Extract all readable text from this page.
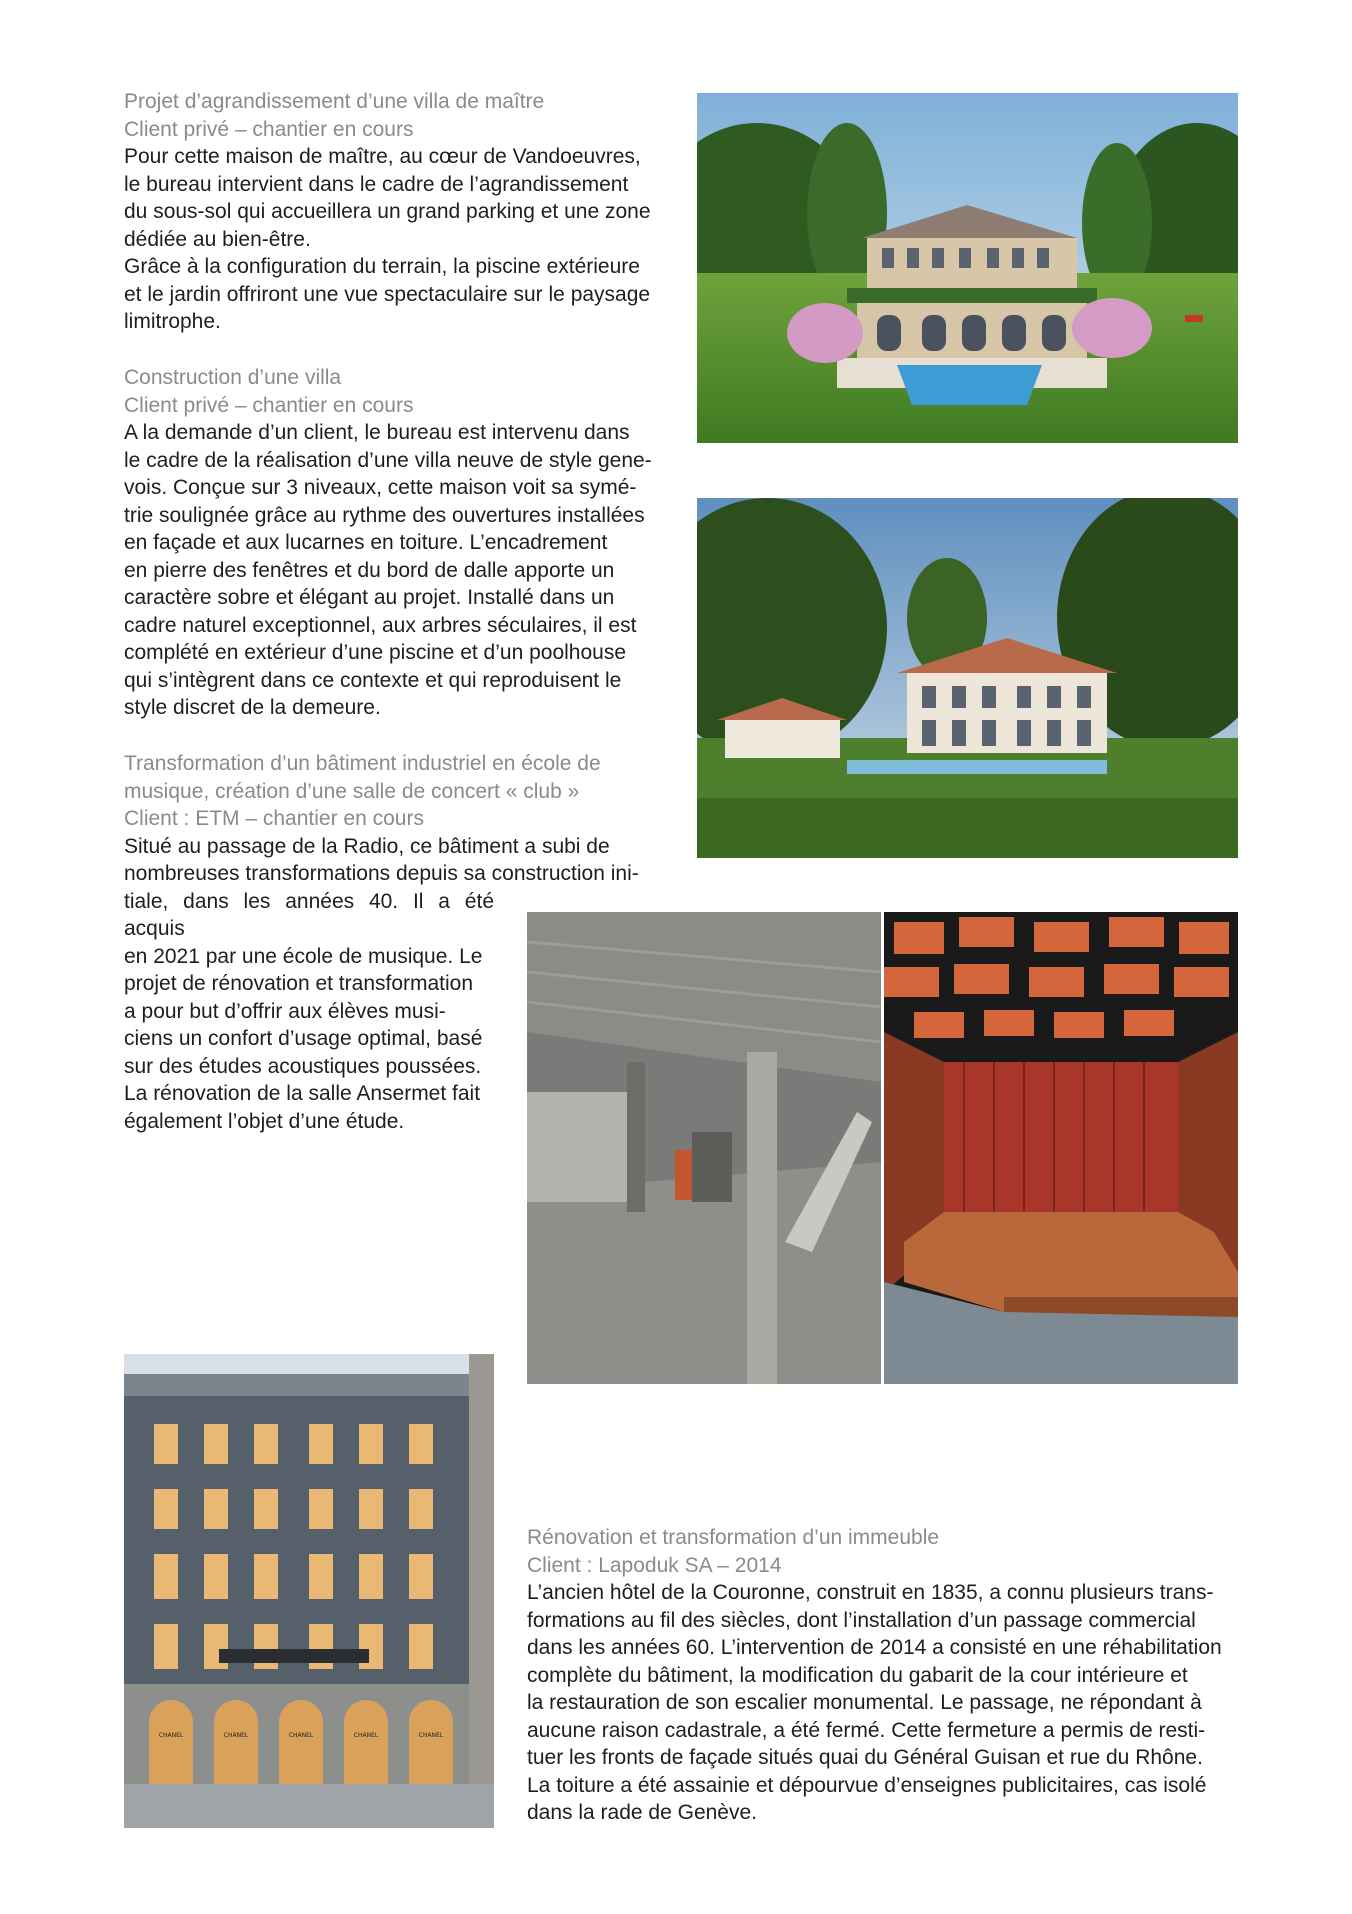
Projet d’agrandissement d’une villa de maître
Client privé – chantier en cours
Pour cette maison de maître, au cœur de Vandoeuvres,
le bureau intervient dans le cadre de l’agrandissement
du sous-sol qui accueillera un grand parking et une zone
dédiée au bien-être.
Grâce à la configuration du terrain, la piscine extérieure
et le jardin offriront une vue spectaculaire sur le paysage
limitrophe.
Construction d’une villa
Client privé – chantier en cours
A la demande d’un client, le bureau est intervenu dans
le cadre de la réalisation d’une villa neuve de style gene-
vois. Conçue sur 3 niveaux, cette maison voit sa symé-
trie soulignée grâce au rythme des ouvertures installées
en façade et aux lucarnes en toiture. L’encadrement
en pierre des fenêtres et du bord de dalle apporte un
caractère sobre et élégant au projet. Installé dans un
cadre naturel exceptionnel, aux arbres séculaires, il est
complété en extérieur d’une piscine et d’un poolhouse
qui s’intègrent dans ce contexte et qui reproduisent le
style discret de la demeure.
Transformation d’un bâtiment industriel en école de
musique, création d’une salle de concert « club »
Client : ETM – chantier en cours
Situé au passage de la Radio, ce bâtiment a subi de
nombreuses transformations depuis sa construction ini-
tiale, dans les années 40. Il a été acquis
en 2021 par une école de musique. Le
projet de rénovation et transformation
a pour but d’offrir aux élèves musi-
ciens un confort d’usage optimal, basé
sur des études acoustiques poussées.
La rénovation de la salle Ansermet fait
également l’objet d’une étude.
Rénovation et transformation d’un immeuble
Client : Lapoduk SA – 2014
L’ancien hôtel de la Couronne, construit en 1835, a connu plusieurs trans-
formations au fil des siècles, dont l’installation d’un passage commercial
dans les années 60. L’intervention de 2014 a consisté en une réhabilitation
complète du bâtiment, la modification du gabarit de la cour intérieure et
la restauration de son escalier monumental. Le passage, ne répondant à
aucune raison cadastrale, a été fermé. Cette fermeture a permis de resti-
tuer les fronts de façade situés quai du Général Guisan et rue du Rhône.
La toiture a été assainie et dépourvue d’enseignes publicitaires, cas isolé
dans la rade de Genève.
CHANEL	CHANEL	CHANEL	CHANEL	CHANEL
